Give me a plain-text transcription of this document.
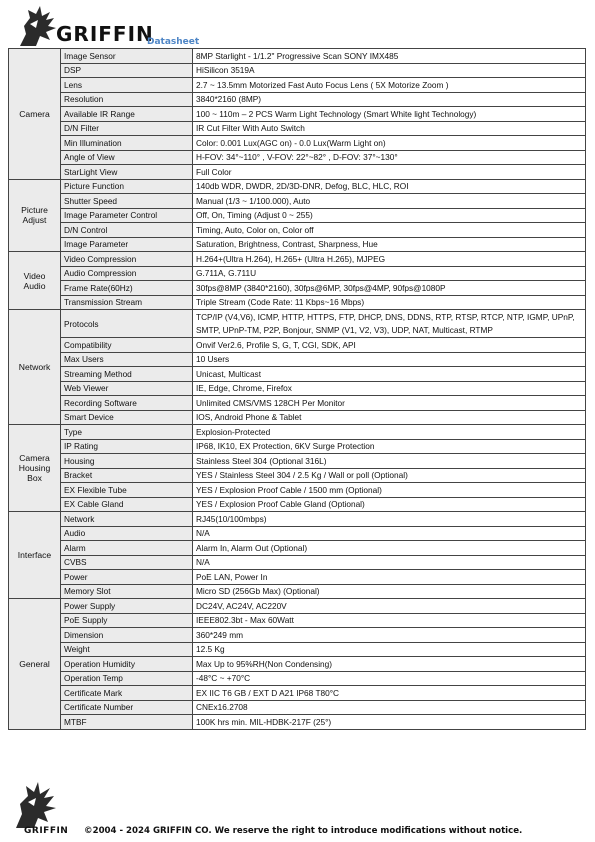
GRIFFIN
Datasheet
Camera	Image Sensor	8MP Starlight - 1/1.2" Progressive Scan SONY IMX485
	DSP	HiSilicon 3519A
	Lens	2.7 ~ 13.5mm Motorized Fast Auto Focus Lens ( 5X Motorize Zoom )
	Resolution	3840*2160 (8MP)
	Available IR Range	100 ~ 110m – 2 PCS Warm Light Technology (Smart White light Technology)
	D/N Filter	IR Cut Filter With Auto Switch
	Min Illumination	Color: 0.001 Lux(AGC on) - 0.0 Lux(Warm Light on)
	Angle of View	H-FOV: 34°~110° , V-FOV: 22°~82° , D-FOV: 37°~130°
	StarLight View	Full Color
Picture Adjust	Picture Function	140db WDR, DWDR, 2D/3D-DNR, Defog, BLC, HLC, ROI
	Shutter Speed	Manual (1/3 ~ 1/100.000), Auto
	Image Parameter Control	Off, On, Timing (Adjust 0 ~ 255)
	D/N Control	Timing, Auto, Color on, Color off
	Image Parameter	Saturation, Brightness, Contrast, Sharpness, Hue
Video Audio	Video Compression	H.264+(Ultra H.264), H.265+ (Ultra H.265), MJPEG
	Audio Compression	G.711A, G.711U
	Frame Rate(60Hz)	30fps@8MP (3840*2160), 30fps@6MP, 30fps@4MP, 90fps@1080P
	Transmission Stream	Triple Stream (Code Rate: 11 Kbps~16 Mbps)
Network	Protocols	TCP/IP (V4,V6), ICMP, HTTP, HTTPS, FTP, DHCP, DNS, DDNS, RTP, RTSP, RTCP, NTP, IGMP, UPnP, SMTP, UPnP-TM, P2P, Bonjour, SNMP (V1, V2, V3), UDP, NAT, Multicast, RTMP
	Compatibility	Onvif Ver2.6, Profile S, G, T, CGI, SDK, API
	Max Users	10 Users
	Streaming Method	Unicast, Multicast
	Web Viewer	IE, Edge, Chrome, Firefox
	Recording Software	Unlimited CMS/VMS 128CH Per Monitor
	Smart Device	IOS, Android Phone & Tablet
Camera Housing Box	Type	Explosion-Protected
	IP Rating	IP68, IK10, EX Protection, 6KV Surge Protection
	Housing	Stainless Steel 304 (Optional 316L)
	Bracket	YES / Stainless Steel 304 / 2.5 Kg / Wall or poll (Optional)
	EX Flexible Tube	YES / Explosion Proof Cable / 1500 mm (Optional)
	EX Cable Gland	YES / Explosion Proof Cable Gland (Optional)
Interface	Network	RJ45(10/100mbps)
	Audio	N/A
	Alarm	Alarm In, Alarm Out (Optional)
	CVBS	N/A
	Power	PoE LAN, Power In
	Memory Slot	Micro SD (256Gb Max) (Optional)
General	Power Supply	DC24V, AC24V, AC220V
	PoE Supply	IEEE802.3bt - Max 60Watt
	Dimension	360*249 mm
	Weight	12.5 Kg
	Operation Humidity	Max Up to 95%RH(Non Condensing)
	Operation Temp	-48°C ~ +70°C
	Certificate Mark	EX IIC T6 GB / EXT D A21 IP68 T80°C
	Certificate Number	CNEx16.2708
	MTBF	100K hrs min. MIL-HDBK-217F (25°)
GRIFFIN ©2004 - 2024 GRIFFIN CO. We reserve the right to introduce modifications without notice.
